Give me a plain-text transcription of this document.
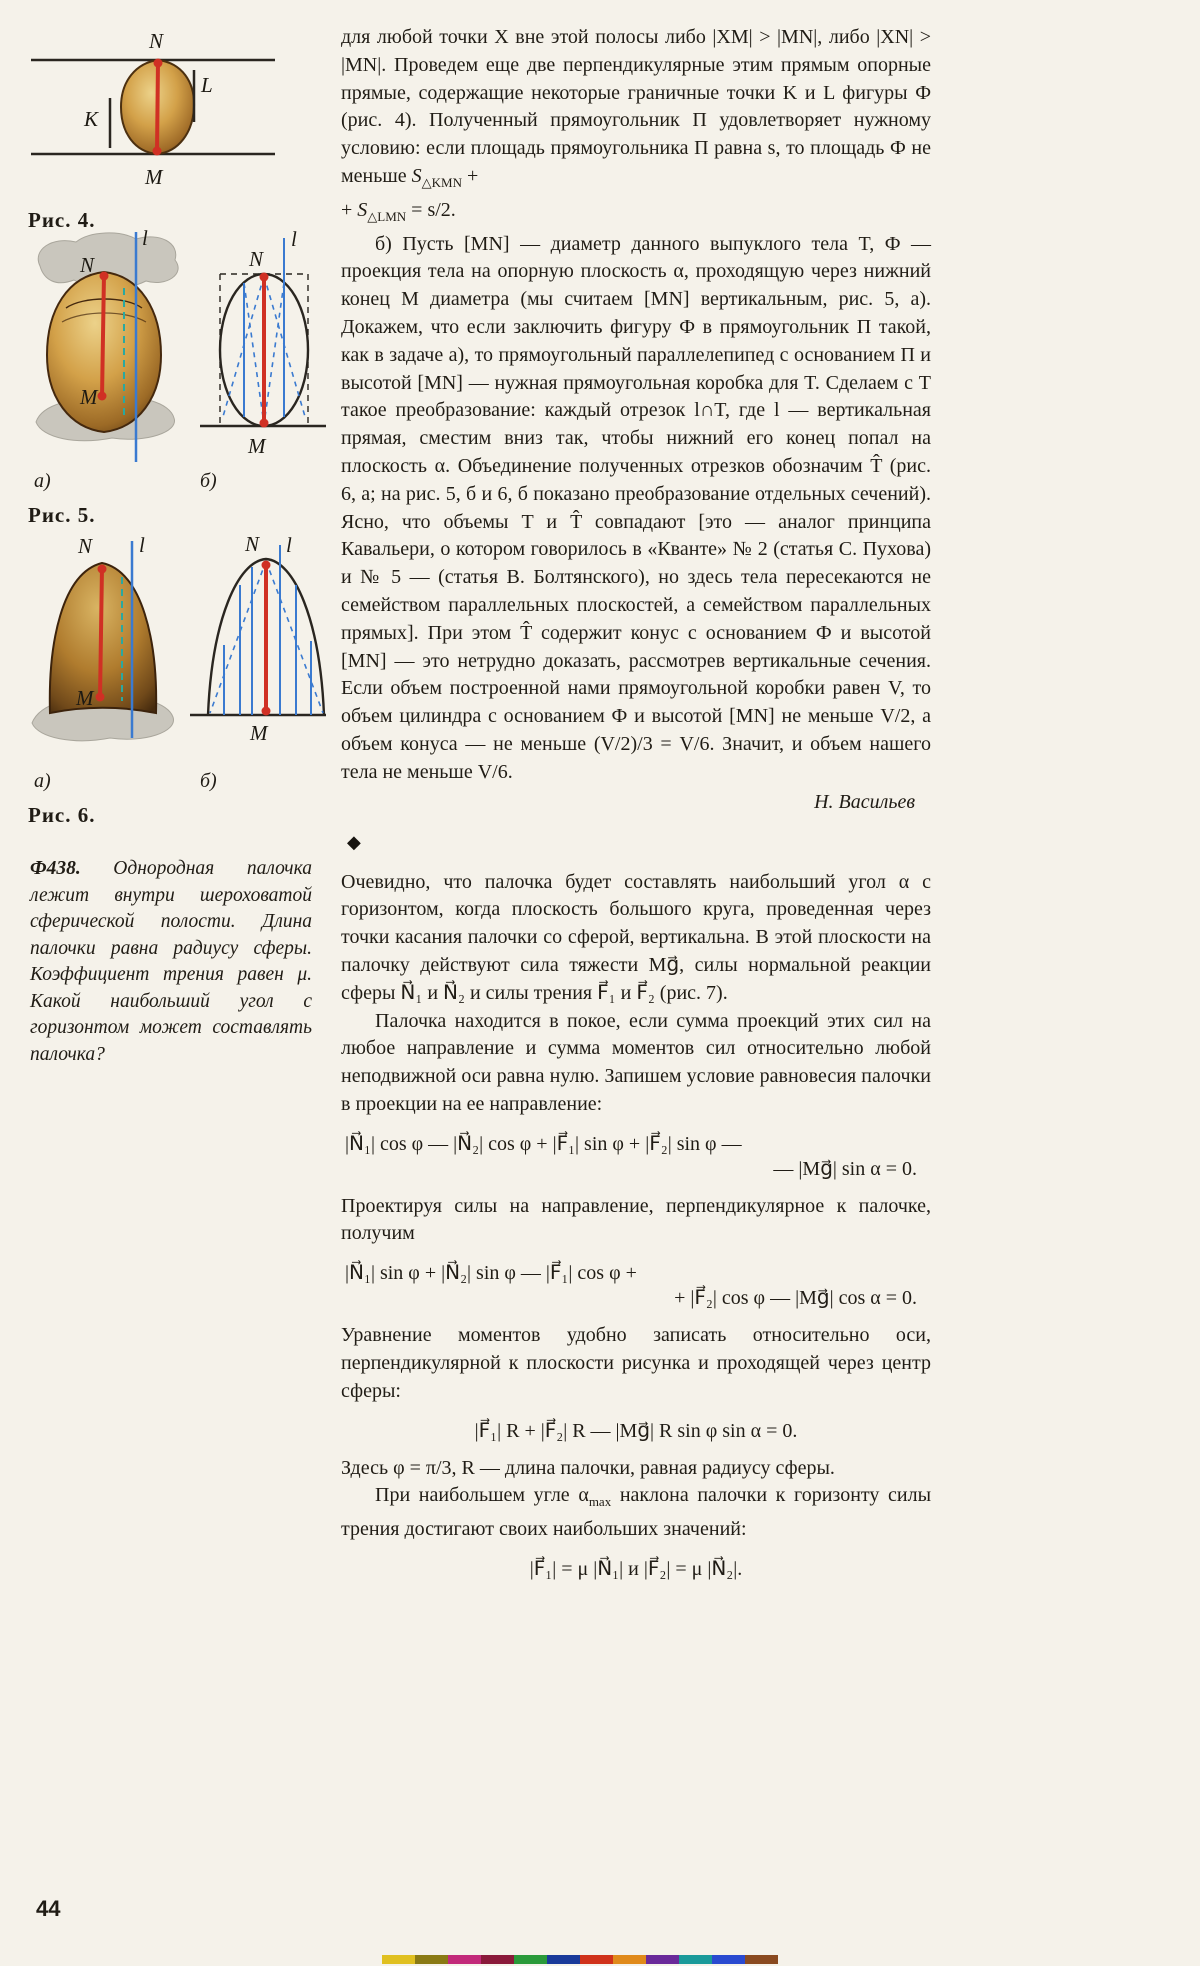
N
M
K
L
Рис. 4.
N
M
l
N
M
l
а)	б)
Рис. 5.
N
M
l	N
M
l
а)	б)
Рис. 6.
Ф438. Однородная палочка лежит внутри шероховатой сферической полости. Длина палочки равна радиусу сферы. Коэффициент трения равен μ. Какой наибольший угол с горизонтом может составлять палочка?
44

для любой точки X вне этой полосы либо |XM| > |MN|, либо |XN| > |MN|. Проведем еще две перпендикулярные этим прямым опорные прямые, содержащие некоторые граничные точки K и L фигуры Ф (рис. 4). Полученный прямоугольник П удовлетворяет нужному условию: если площадь прямоугольника П равна s, то площадь Ф не меньше $S_{\triangle KMN}$ +
+ $S_{\triangle LMN} = s/2$.

б) Пусть [MN] — диаметр данного выпуклого тела T, Ф — проекция тела на опорную плоскость α, проходящую через нижний конец M диаметра (мы считаем [MN] вертикальным, рис. 5, а). Докажем, что если заключить фигуру Ф в прямоугольник П такой, как в задаче а), то прямоугольный параллелепипед с основанием П и высотой [MN] — нужная прямоугольная коробка для T. Сделаем с T такое преобразование: каждый отрезок l∩T, где l — вертикальная прямая, сместим вниз так, чтобы нижний его конец попал на плоскость α. Объединение полученных отрезков обозначим T̂ (рис. 6, а; на рис. 5, б и 6, б показано преобразование отдельных сечений). Ясно, что объемы T и T̂ совпадают [это — аналог принципа Кавальери, о котором говорилось в «Кванте» № 2 (статья С. Пухова) и № 5 — (статья В. Болтянского), но здесь тела пересекаются не семейством параллельных плоскостей, а семейством параллельных прямых]. При этом T̂ содержит конус с основанием Ф и высотой [MN] — это нетрудно доказать, рассмотрев вертикальные сечения. Если объем построенной нами прямоугольной коробки равен V, то объем цилиндра с основанием Ф и высотой [MN] не меньше V/2, а объем конуса — не меньше (V/2)/3 = V/6. Значит, и объем нашего тела не меньше V/6.

Н. Васильев

◆

Очевидно, что палочка будет составлять наибольший угол α с горизонтом, когда плоскость большого круга, проведенная через точки касания палочки со сферой, вертикальна. В этой плоскости на палочку действуют сила тяжести Mg⃗, силы нормальной реакции сферы N⃗₁ и N⃗₂ и силы трения F⃗₁ и F⃗₂ (рис. 7).

Палочка находится в покое, если сумма проекций этих сил на любое направление и сумма моментов сил относительно любой неподвижной оси равна нулю. Запишем условие равновесия палочки в проекции на ее направление:

|N⃗₁| cos φ — |N⃗₂| cos φ + |F⃗₁| sin φ + |F⃗₂| sin φ —
— |Mg⃗| sin α = 0.

Проектируя силы на направление, перпендикулярное к палочке, получим

|N⃗₁| sin φ + |N⃗₂| sin φ — |F⃗₁| cos φ +
+ |F⃗₂| cos φ — |Mg⃗| cos α = 0.

Уравнение моментов удобно записать относительно оси, перпендикулярной к плоскости рисунка и проходящей через центр сферы:

|F⃗₁| R + |F⃗₂| R — |Mg⃗| R sin φ sin α = 0.

Здесь φ = π/3, R — длина палочки, равная радиусу сферы.

При наибольшем угле $\alpha_{max}$ наклона палочки к горизонту силы трения достигают своих наибольших значений:

|F⃗₁| = μ |N⃗₁| и |F⃗₂| = μ |N⃗₂|.
